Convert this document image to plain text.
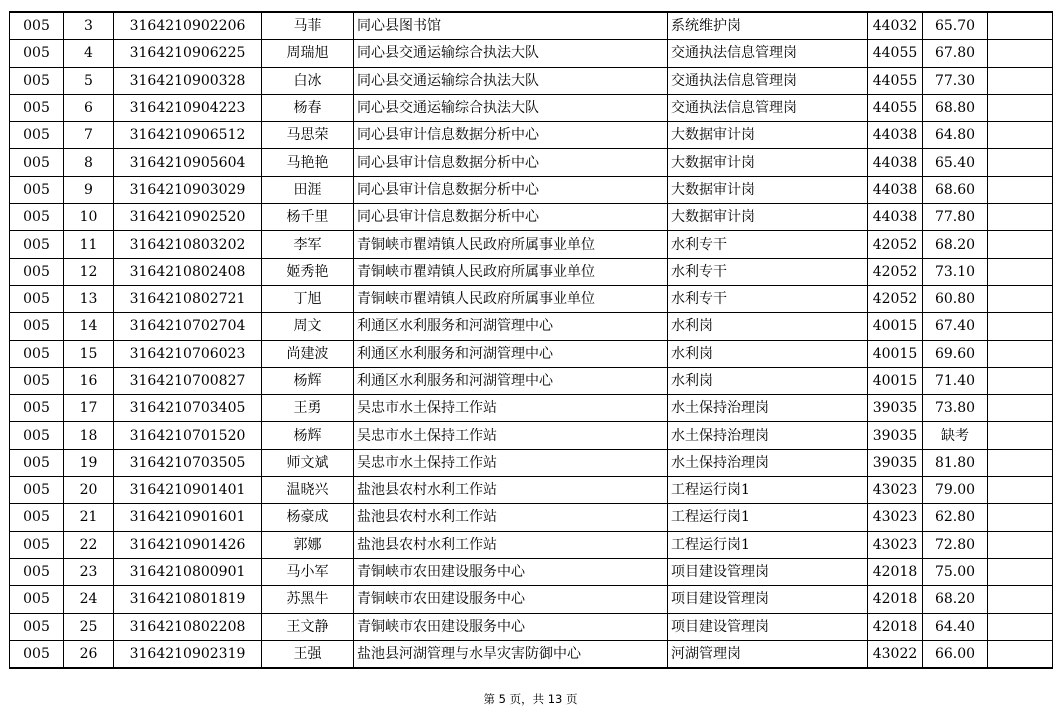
005	3	3164210902206	马菲	同心县图书馆	系统维护岗	44032	65.70	
005	4	3164210906225	周瑞旭	同心县交通运输综合执法大队	交通执法信息管理岗	44055	67.80	
005	5	3164210900328	白冰	同心县交通运输综合执法大队	交通执法信息管理岗	44055	77.30	
005	6	3164210904223	杨春	同心县交通运输综合执法大队	交通执法信息管理岗	44055	68.80	
005	7	3164210906512	马思荣	同心县审计信息数据分析中心	大数据审计岗	44038	64.80	
005	8	3164210905604	马艳艳	同心县审计信息数据分析中心	大数据审计岗	44038	65.40	
005	9	3164210903029	田涯	同心县审计信息数据分析中心	大数据审计岗	44038	68.60	
005	10	3164210902520	杨千里	同心县审计信息数据分析中心	大数据审计岗	44038	77.80	
005	11	3164210803202	李军	青铜峡市瞿靖镇人民政府所属事业单位	水利专干	42052	68.20	
005	12	3164210802408	姬秀艳	青铜峡市瞿靖镇人民政府所属事业单位	水利专干	42052	73.10	
005	13	3164210802721	丁旭	青铜峡市瞿靖镇人民政府所属事业单位	水利专干	42052	60.80	
005	14	3164210702704	周文	利通区水利服务和河湖管理中心	水利岗	40015	67.40	
005	15	3164210706023	尚建波	利通区水利服务和河湖管理中心	水利岗	40015	69.60	
005	16	3164210700827	杨辉	利通区水利服务和河湖管理中心	水利岗	40015	71.40	
005	17	3164210703405	王勇	吴忠市水土保持工作站	水土保持治理岗	39035	73.80	
005	18	3164210701520	杨辉	吴忠市水土保持工作站	水土保持治理岗	39035	缺考	
005	19	3164210703505	师文斌	吴忠市水土保持工作站	水土保持治理岗	39035	81.80	
005	20	3164210901401	温晓兴	盐池县农村水利工作站	工程运行岗1	43023	79.00	
005	21	3164210901601	杨豪成	盐池县农村水利工作站	工程运行岗1	43023	62.80	
005	22	3164210901426	郭娜	盐池县农村水利工作站	工程运行岗1	43023	72.80	
005	23	3164210800901	马小军	青铜峡市农田建设服务中心	项目建设管理岗	42018	75.00	
005	24	3164210801819	苏黑牛	青铜峡市农田建设服务中心	项目建设管理岗	42018	68.20	
005	25	3164210802208	王文静	青铜峡市农田建设服务中心	项目建设管理岗	42018	64.40	
005	26	3164210902319	王强	盐池县河湖管理与水旱灾害防御中心	河湖管理岗	43022	66.00	
第 5 页，共 13 页
